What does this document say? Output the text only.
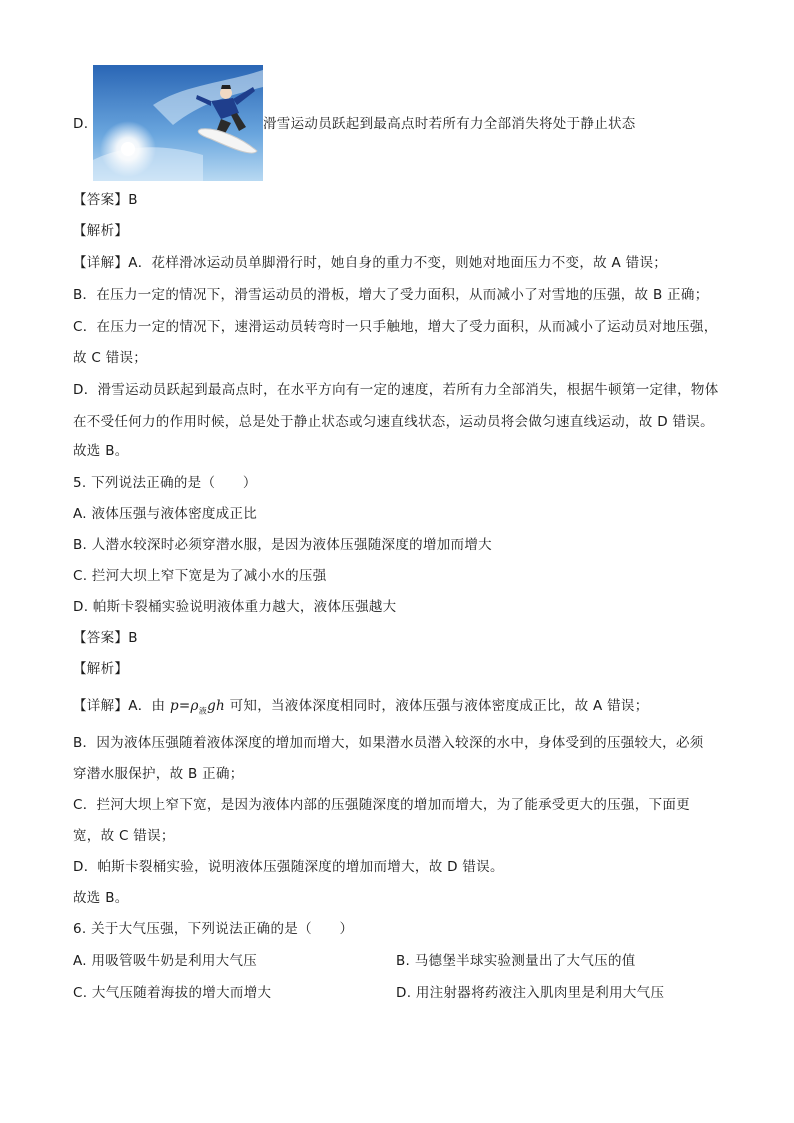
D.	滑雪运动员跃起到最高点时若所有力全部消失将处于静止状态
【答案】B
【解析】
【详解】A．花样滑冰运动员单脚滑行时，她自身的重力不变，则她对地面压力不变，故 A 错误；
B．在压力一定的情况下，滑雪运动员的滑板，增大了受力面积，从而减小了对雪地的压强，故 B 正确；
C．在压力一定的情况下，速滑运动员转弯时一只手触地，增大了受力面积，从而减小了运动员对地压强，
故 C 错误；
D．滑雪运动员跃起到最高点时，在水平方向有一定的速度，若所有力全部消失，根据牛顿第一定律，物体
在不受任何力的作用时候，总是处于静止状态或匀速直线状态，运动员将会做匀速直线运动，故 D 错误。
故选 B。
5. 下列说法正确的是（　　）
A. 液体压强与液体密度成正比
B. 人潜水较深时必须穿潜水服，是因为液体压强随深度的增加而增大
C. 拦河大坝上窄下宽是为了减小水的压强
D. 帕斯卡裂桶实验说明液体重力越大，液体压强越大
【答案】B
【解析】
【详解】A．由 $p=\rho_液gh$ 可知，当液体深度相同时，液体压强与液体密度成正比，故 A 错误；
B．因为液体压强随着液体深度的增加而增大，如果潜水员潜入较深的水中，身体受到的压强较大，必须
穿潜水服保护，故 B 正确；
C．拦河大坝上窄下宽，是因为液体内部的压强随深度的增加而增大，为了能承受更大的压强，下面更
宽，故 C 错误；
D．帕斯卡裂桶实验，说明液体压强随深度的增加而增大，故 D 错误。
故选 B。
6. 关于大气压强，下列说法正确的是（　　）
A. 用吸管吸牛奶是利用大气压	B. 马德堡半球实验测量出了大气压的值
C. 大气压随着海拔的增大而增大	D. 用注射器将药液注入肌肉里是利用大气压
